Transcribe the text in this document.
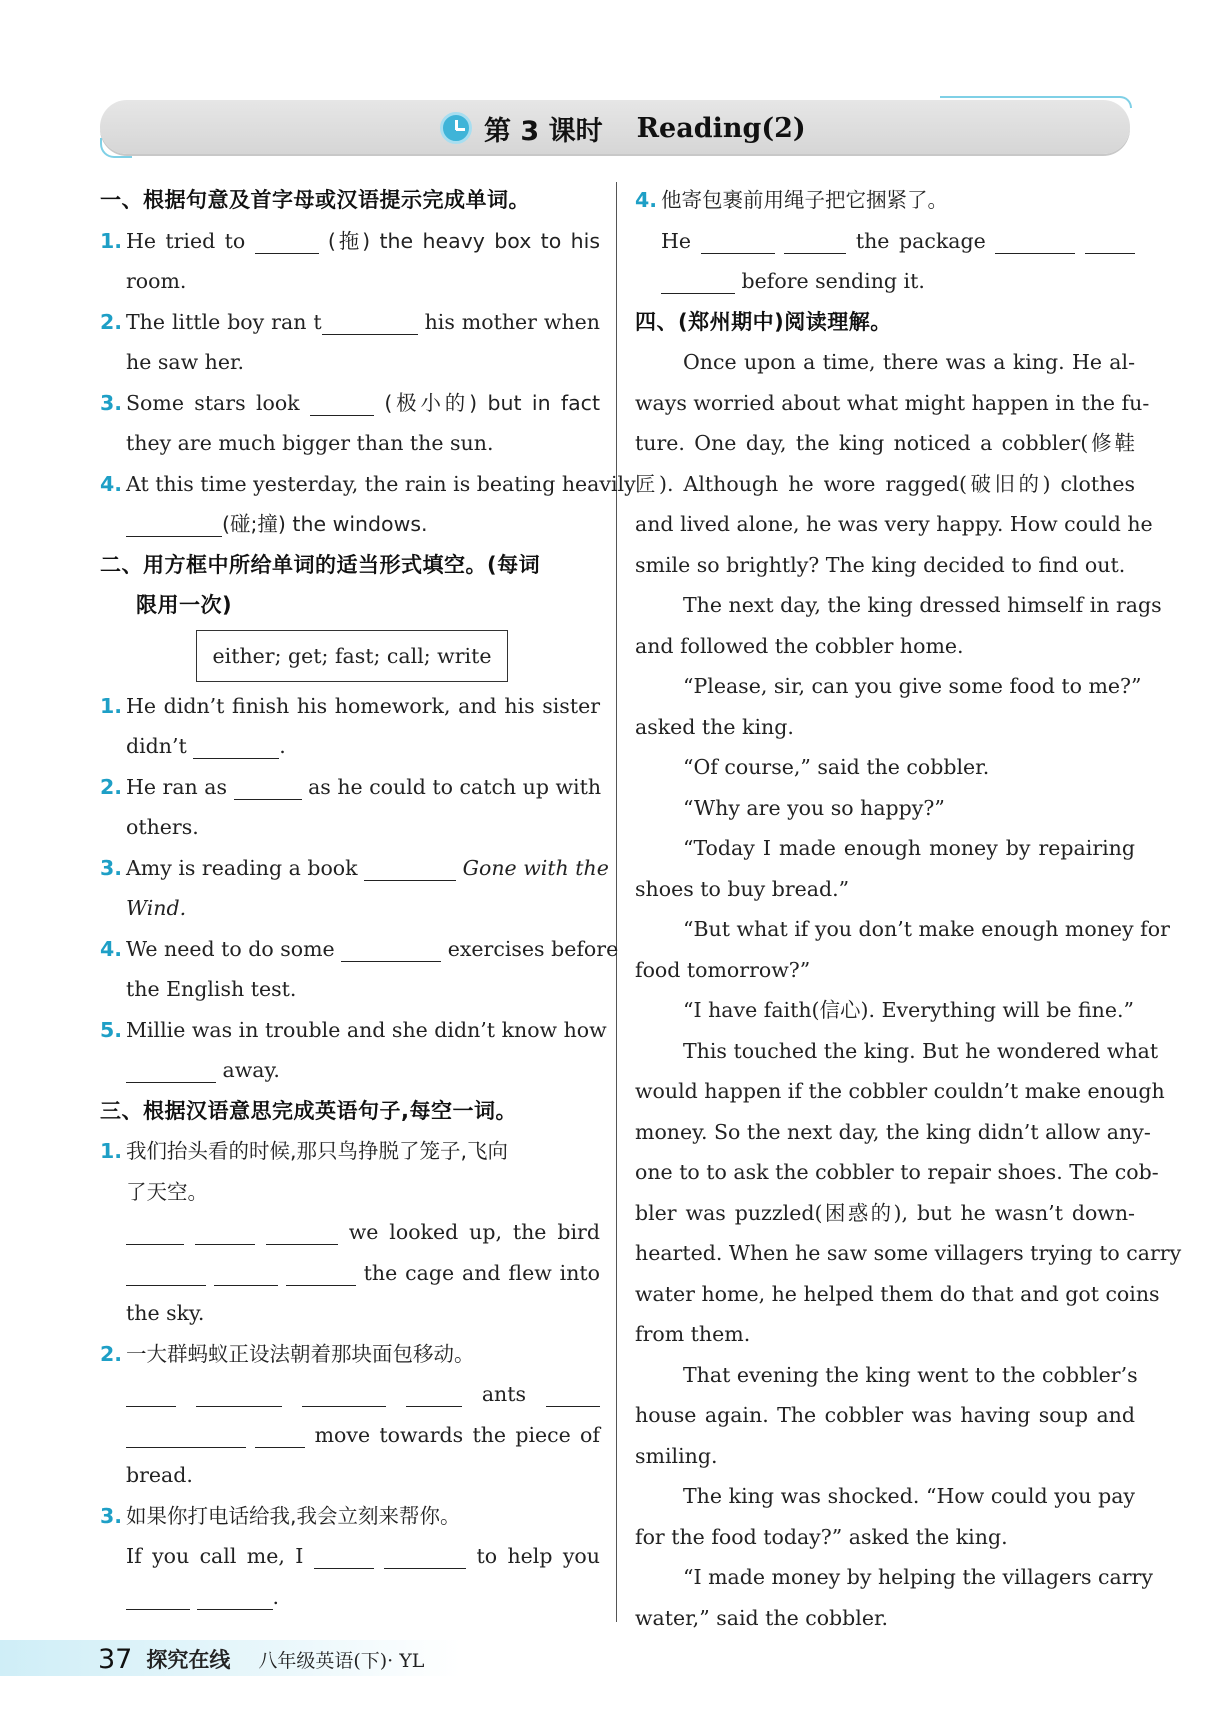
第 3 课时 Reading(2)
一、根据句意及首字母或汉语提示完成单词。
1. He tried to	(拖) the heavy box to his
room.
2. The little boy ran t	his mother when
he saw her.
3. Some stars look	(极小的) but in fact
they are much bigger than the sun.
4. At this time yesterday, the rain is beating heavily
(碰;撞) the windows.
二、用方框中所给单词的适当形式填空。(每词
限用一次)
either; get; fast; call; write
1. He didn’t finish his homework, and his sister
didn’t	.
2. He ran as	as he could to catch up with
others.
3. Amy is reading a book	Gone with the
Wind.
4. We need to do some	exercises before
the English test.
5. Millie was in trouble and she didn’t know how
away.
三、根据汉语意思完成英语句子,每空一词。
1. 我们抬头看的时候,那只鸟挣脱了笼子,飞向
了天空。
we looked up, the bird
the cage and flew into
the sky.
2. 一大群蚂蚁正设法朝着那块面包移动。
ants
move towards the piece of
bread.
3. 如果你打电话给我,我会立刻来帮你。
If you call me, I	to help you
.
4. 他寄包裹前用绳子把它捆紧了。
He	the package
before sending it.
四、(郑州期中)阅读理解。
Once upon a time, there was a king. He al-
ways worried about what might happen in the fu-
ture. One day, the king noticed a cobbler(修鞋
匠). Although he wore ragged(破旧的) clothes
and lived alone, he was very happy. How could he
smile so brightly? The king decided to find out.
The next day, the king dressed himself in rags
and followed the cobbler home.
“Please, sir, can you give some food to me?”
asked the king.
“Of course,” said the cobbler.
“Why are you so happy?”
“Today I made enough money by repairing
shoes to buy bread.”
“But what if you don’t make enough money for
food tomorrow?”
“I have faith(信心). Everything will be fine.”
This touched the king. But he wondered what
would happen if the cobbler couldn’t make enough
money. So the next day, the king didn’t allow any-
one to to ask the cobbler to repair shoes. The cob-
bler was puzzled(困惑的), but he wasn’t down-
hearted. When he saw some villagers trying to carry
water home, he helped them do that and got coins
from them.
That evening the king went to the cobbler’s
house again. The cobbler was having soup and
smiling.
The king was shocked. “How could you pay
for the food today?” asked the king.
“I made money by helping the villagers carry
water,” said the cobbler.
37 探究在线 八年级英语(下)· YL
